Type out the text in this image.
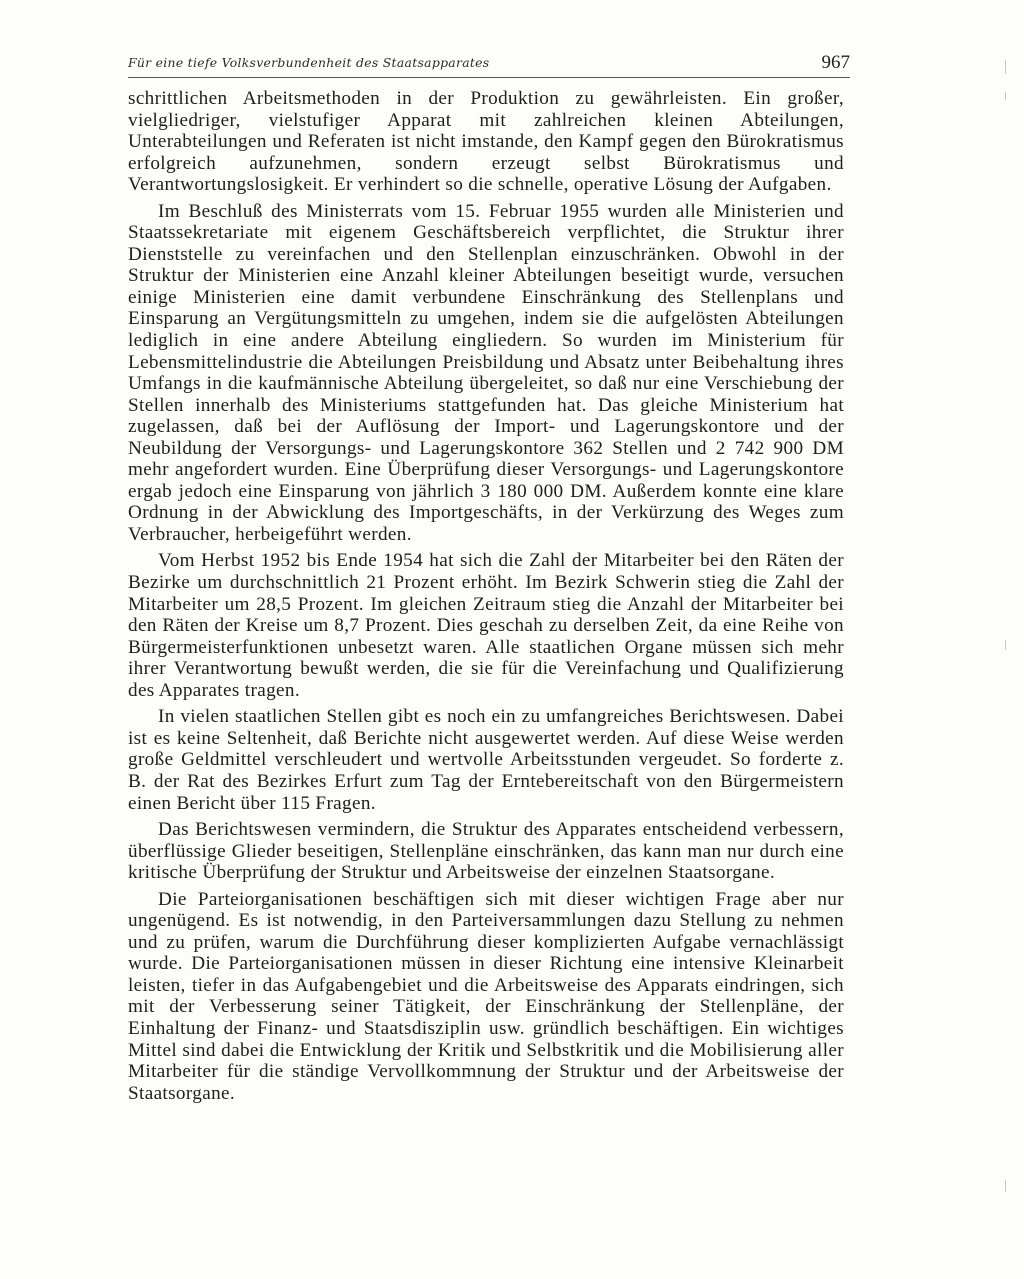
Für eine tiefe Volksverbundenheit des Staatsapparates	967

schrittlichen Arbeitsmethoden in der Produktion zu gewährleisten. Ein großer, vielgliedriger, vielstufiger Apparat mit zahlreichen kleinen Abteilungen, Unterabteilungen und Referaten ist nicht imstande, den Kampf gegen den Bürokratismus erfolgreich aufzunehmen, sondern erzeugt selbst Bürokratismus und Verantwortungslosigkeit. Er verhindert so die schnelle, operative Lösung der Aufgaben.

Im Beschluß des Ministerrats vom 15. Februar 1955 wurden alle Ministerien und Staatssekretariate mit eigenem Geschäftsbereich verpflichtet, die Struktur ihrer Dienststelle zu vereinfachen und den Stellenplan einzuschränken. Obwohl in der Struktur der Ministerien eine Anzahl kleiner Abteilungen beseitigt wurde, versuchen einige Ministerien eine damit verbundene Einschränkung des Stellenplans und Einsparung an Vergütungsmitteln zu umgehen, indem sie die aufgelösten Abteilungen lediglich in eine andere Abteilung eingliedern. So wurden im Ministerium für Lebensmittelindustrie die Abteilungen Preisbildung und Absatz unter Beibehaltung ihres Umfangs in die kaufmännische Abteilung übergeleitet, so daß nur eine Verschiebung der Stellen innerhalb des Ministeriums stattgefunden hat. Das gleiche Ministerium hat zugelassen, daß bei der Auflösung der Import- und Lagerungskontore und der Neubildung der Versorgungs- und Lagerungskontore 362 Stellen und 2 742 900 DM mehr angefordert wurden. Eine Überprüfung dieser Versorgungs- und Lagerungskontore ergab jedoch eine Einsparung von jährlich 3 180 000 DM. Außerdem konnte eine klare Ordnung in der Abwicklung des Importgeschäfts, in der Verkürzung des Weges zum Verbraucher, herbeigeführt werden.

Vom Herbst 1952 bis Ende 1954 hat sich die Zahl der Mitarbeiter bei den Räten der Bezirke um durchschnittlich 21 Prozent erhöht. Im Bezirk Schwerin stieg die Zahl der Mitarbeiter um 28,5 Prozent. Im gleichen Zeitraum stieg die Anzahl der Mitarbeiter bei den Räten der Kreise um 8,7 Prozent. Dies geschah zu derselben Zeit, da eine Reihe von Bürgermeisterfunktionen unbesetzt waren. Alle staatlichen Organe müssen sich mehr ihrer Verantwortung bewußt werden, die sie für die Vereinfachung und Qualifizierung des Apparates tragen.

In vielen staatlichen Stellen gibt es noch ein zu umfangreiches Berichtswesen. Dabei ist es keine Seltenheit, daß Berichte nicht ausgewertet werden. Auf diese Weise werden große Geldmittel verschleudert und wertvolle Arbeitsstunden vergeudet. So forderte z. B. der Rat des Bezirkes Erfurt zum Tag der Erntebereitschaft von den Bürgermeistern einen Bericht über 115 Fragen.

Das Berichtswesen vermindern, die Struktur des Apparates entscheidend verbessern, überflüssige Glieder beseitigen, Stellenpläne einschränken, das kann man nur durch eine kritische Überprüfung der Struktur und Arbeitsweise der einzelnen Staatsorgane.

Die Parteiorganisationen beschäftigen sich mit dieser wichtigen Frage aber nur ungenügend. Es ist notwendig, in den Parteiversammlungen dazu Stellung zu nehmen und zu prüfen, warum die Durchführung dieser komplizierten Aufgabe vernachlässigt wurde. Die Parteiorganisationen müssen in dieser Richtung eine intensive Kleinarbeit leisten, tiefer in das Aufgabengebiet und die Arbeitsweise des Apparats eindringen, sich mit der Verbesserung seiner Tätigkeit, der Einschränkung der Stellenpläne, der Einhaltung der Finanz- und Staatsdisziplin usw. gründlich beschäftigen. Ein wichtiges Mittel sind dabei die Entwicklung der Kritik und Selbstkritik und die Mobilisierung aller Mitarbeiter für die ständige Vervollkommnung der Struktur und der Arbeitsweise der Staatsorgane.
